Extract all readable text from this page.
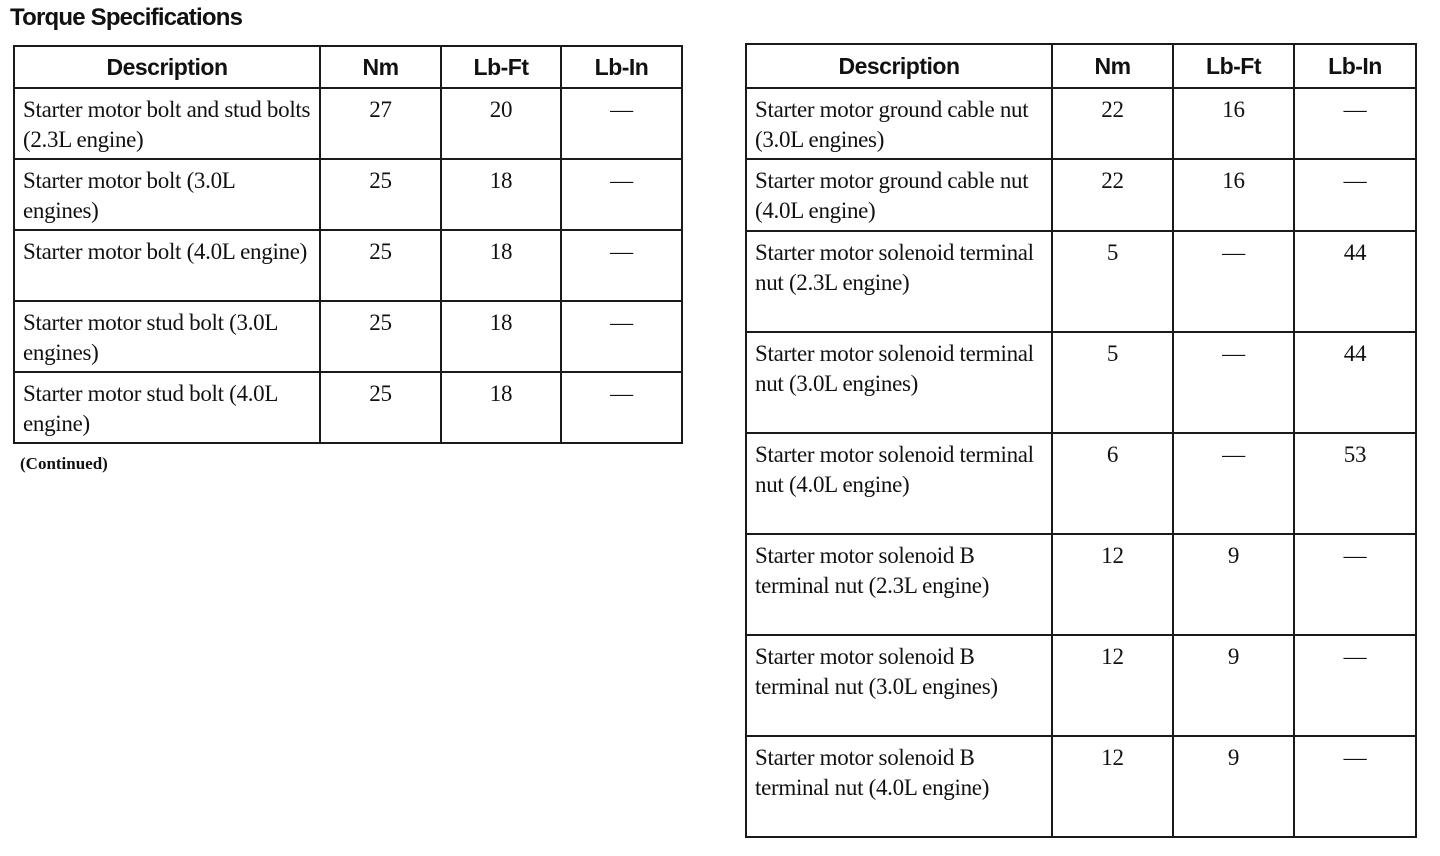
Torque Specifications
Description	Nm	Lb-Ft	Lb-In
Starter motor bolt and stud bolts (2.3L engine)	27	20	—
Starter motor bolt (3.0L engines)	25	18	—
Starter motor bolt (4.0L engine)	25	18	—
Starter motor stud bolt (3.0L engines)	25	18	—
Starter motor stud bolt (4.0L engine)	25	18	—
(Continued)
Description	Nm	Lb-Ft	Lb-In
Starter motor ground cable nut (3.0L engines)	22	16	—
Starter motor ground cable nut (4.0L engine)	22	16	—
Starter motor solenoid terminal nut (2.3L engine)	5	—	44
Starter motor solenoid terminal nut (3.0L engines)	5	—	44
Starter motor solenoid terminal nut (4.0L engine)	6	—	53
Starter motor solenoid B terminal nut (2.3L engine)	12	9	—
Starter motor solenoid B terminal nut (3.0L engines)	12	9	—
Starter motor solenoid B terminal nut (4.0L engine)	12	9	—
